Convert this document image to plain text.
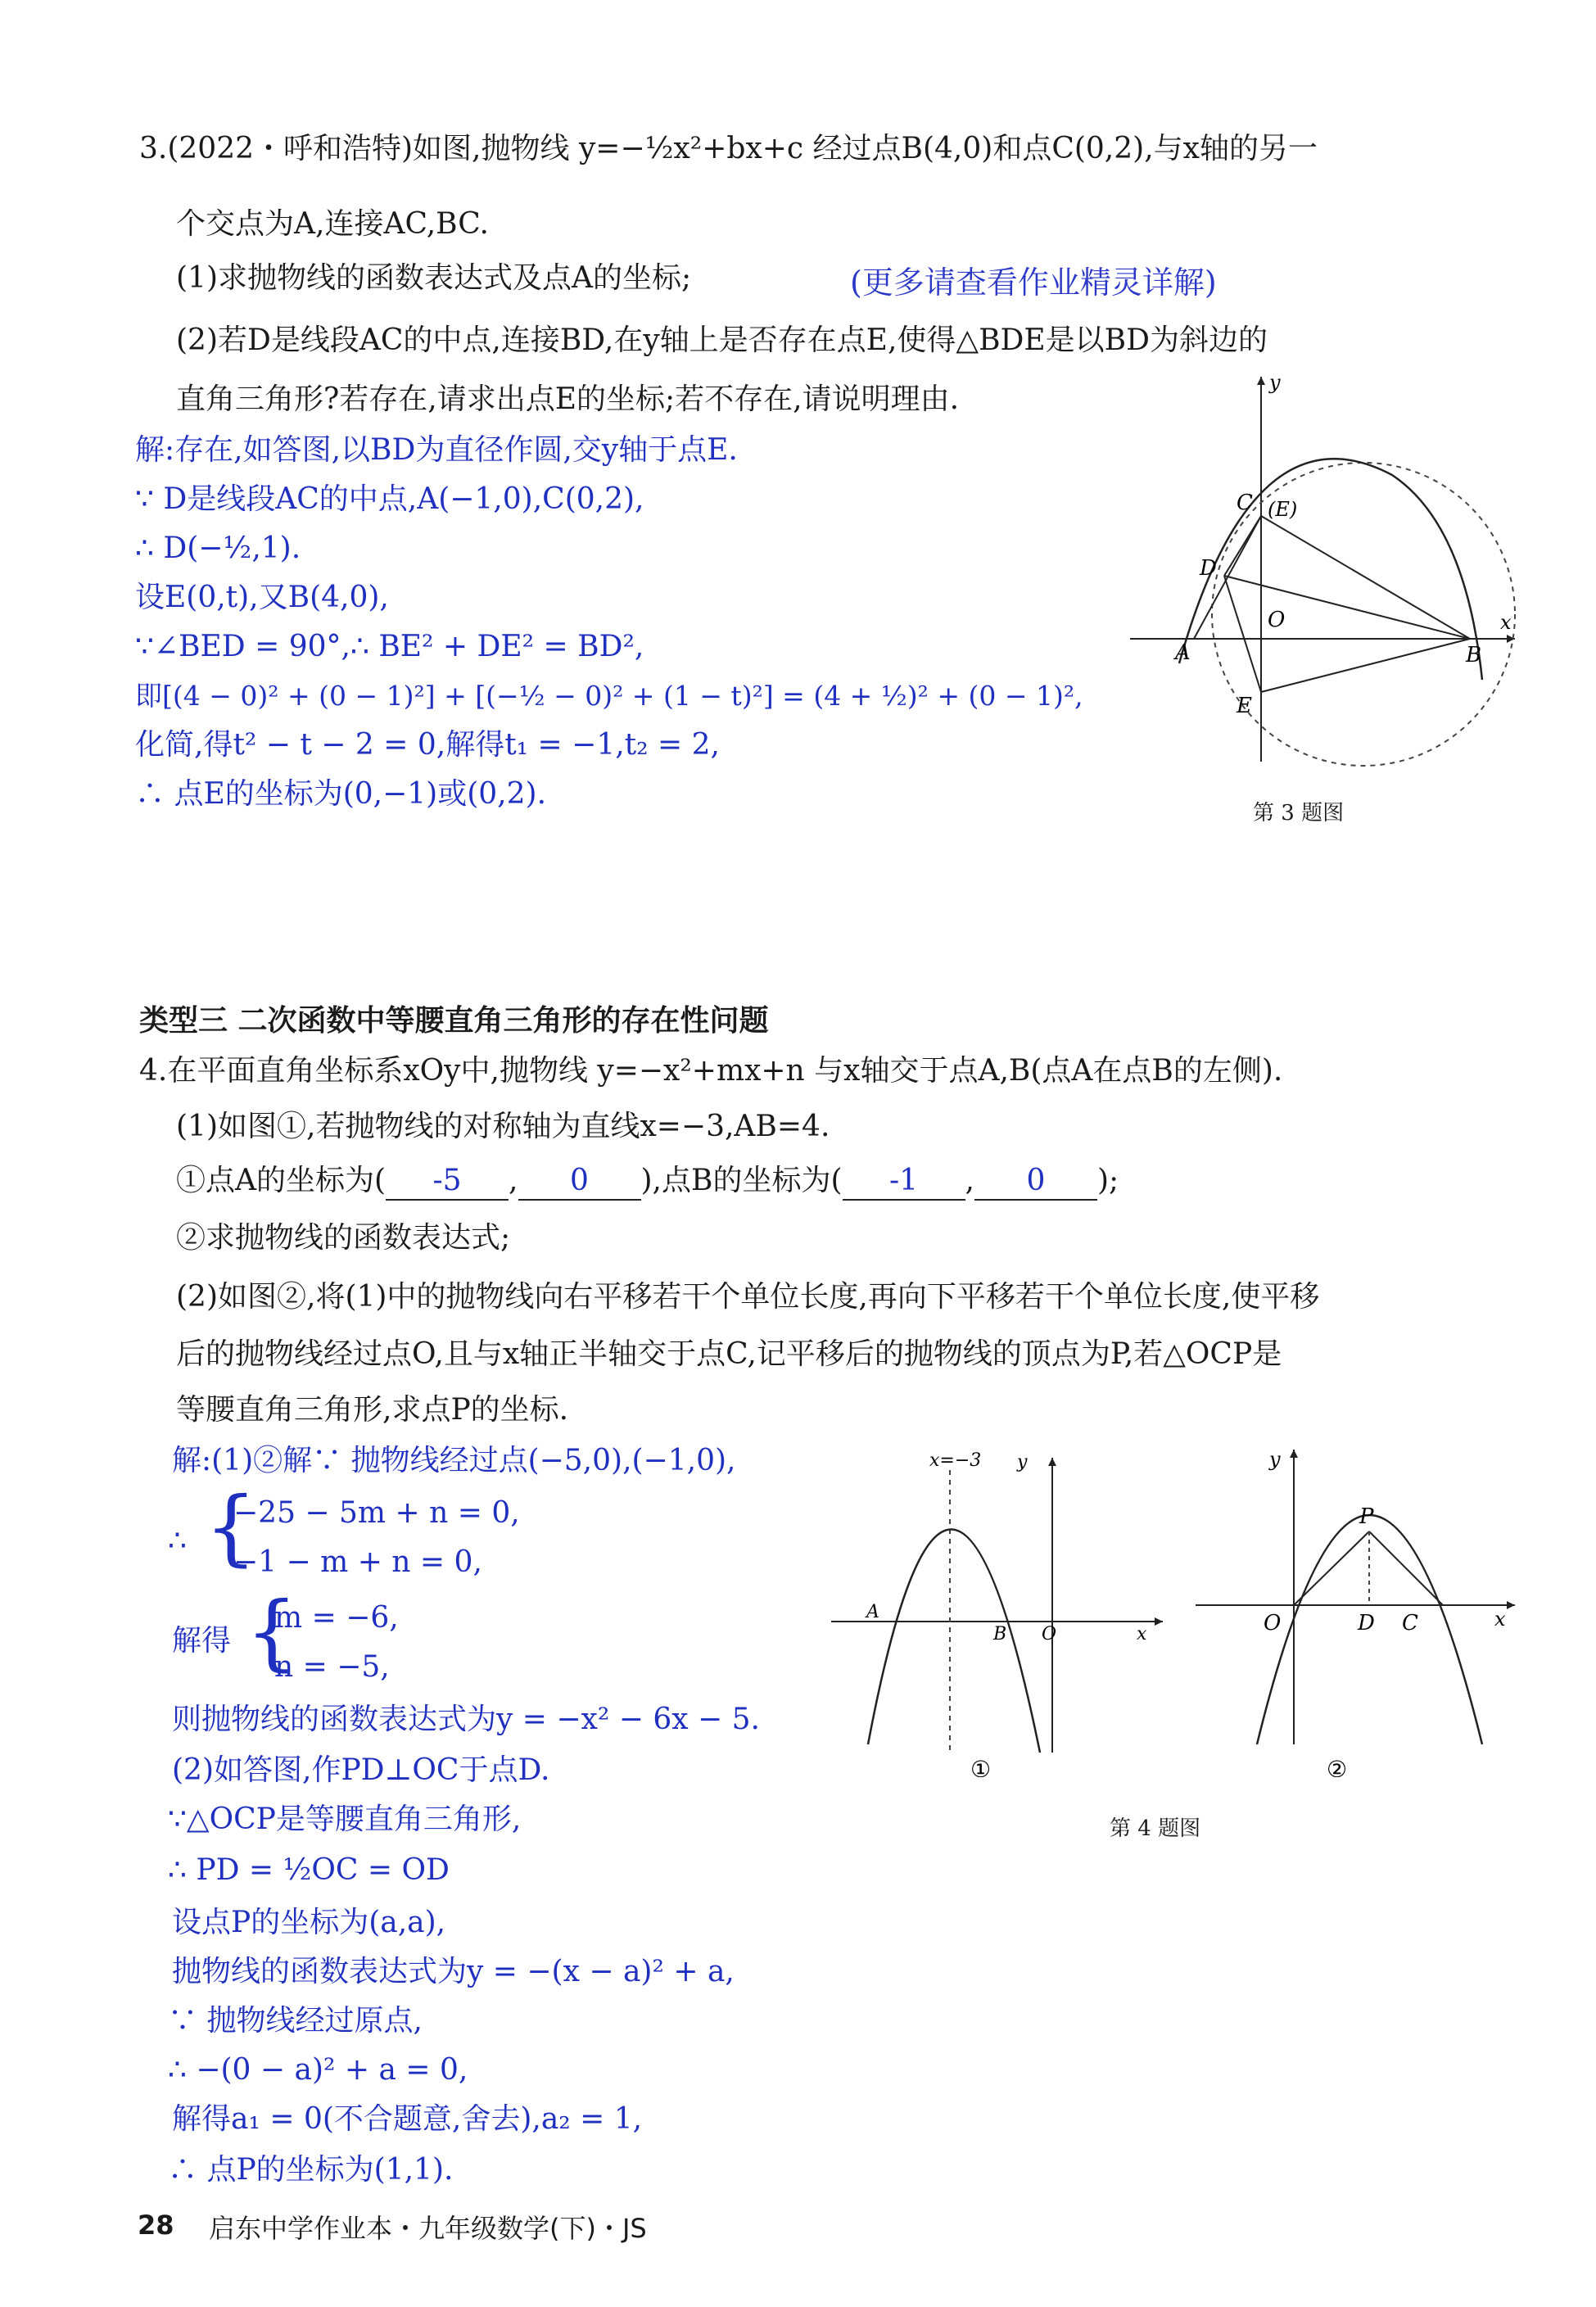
3.(2022・呼和浩特)如图,抛物线 y=−½x²+bx+c 经过点B(4,0)和点C(0,2),与x轴的另一
个交点为A,连接AC,BC.
(1)求抛物线的函数表达式及点A的坐标;	(更多请查看作业精灵详解)
(2)若D是线段AC的中点,连接BD,在y轴上是否存在点E,使得△BDE是以BD为斜边的
直角三角形?若存在,请求出点E的坐标;若不存在,请说明理由.
解:存在,如答图,以BD为直径作圆,交y轴于点E.
∵ D是线段AC的中点,A(−1,0),C(0,2),
∴ D(−½,1).
设E(0,t),又B(4,0),
∵∠BED = 90°,∴ BE² + DE² = BD²,
即[(4 − 0)² + (0 − 1)²] + [(−½ − 0)² + (1 − t)²] = (4 + ½)² + (0 − 1)²,
化简,得t² − t − 2 = 0,解得t₁ = −1,t₂ = 2,
∴ 点E的坐标为(0,−1)或(0,2).
y
x
C (E)
D
O
A	B
E
第 3 题图
类型三 二次函数中等腰直角三角形的存在性问题
4.在平面直角坐标系xOy中,抛物线 y=−x²+mx+n 与x轴交于点A,B(点A在点B的左侧).
(1)如图①,若抛物线的对称轴为直线x=−3,AB=4.
①点A的坐标为( -5 , 0 ),点B的坐标为( -1 , 0 );
②求抛物线的函数表达式;
(2)如图②,将(1)中的抛物线向右平移若干个单位长度,再向下平移若干个单位长度,使平移
后的抛物线经过点O,且与x轴正半轴交于点C,记平移后的抛物线的顶点为P,若△OCP是
等腰直角三角形,求点P的坐标.
解:(1)②解∵ 抛物线经过点(−5,0),(−1,0),
∴ {
−25 − 5m + n = 0,
−1 − m + n = 0,
解得 {
m = −6,
n = −5,
则抛物线的函数表达式为y = −x² − 6x − 5.
(2)如答图,作PD⊥OC于点D.
∵△OCP是等腰直角三角形,
∴ PD = ½OC = OD
设点P的坐标为(a,a),
抛物线的函数表达式为y = −(x − a)² + a,
∵ 抛物线经过原点,
∴ −(0 − a)² + a = 0,
解得a₁ = 0(不合题意,舍去),a₂ = 1,
∴ 点P的坐标为(1,1).
x=−3 y
A
B O	x
①
y
P
O	D C	x
②
第 4 题图
28 启东中学作业本・九年级数学(下)・JS
